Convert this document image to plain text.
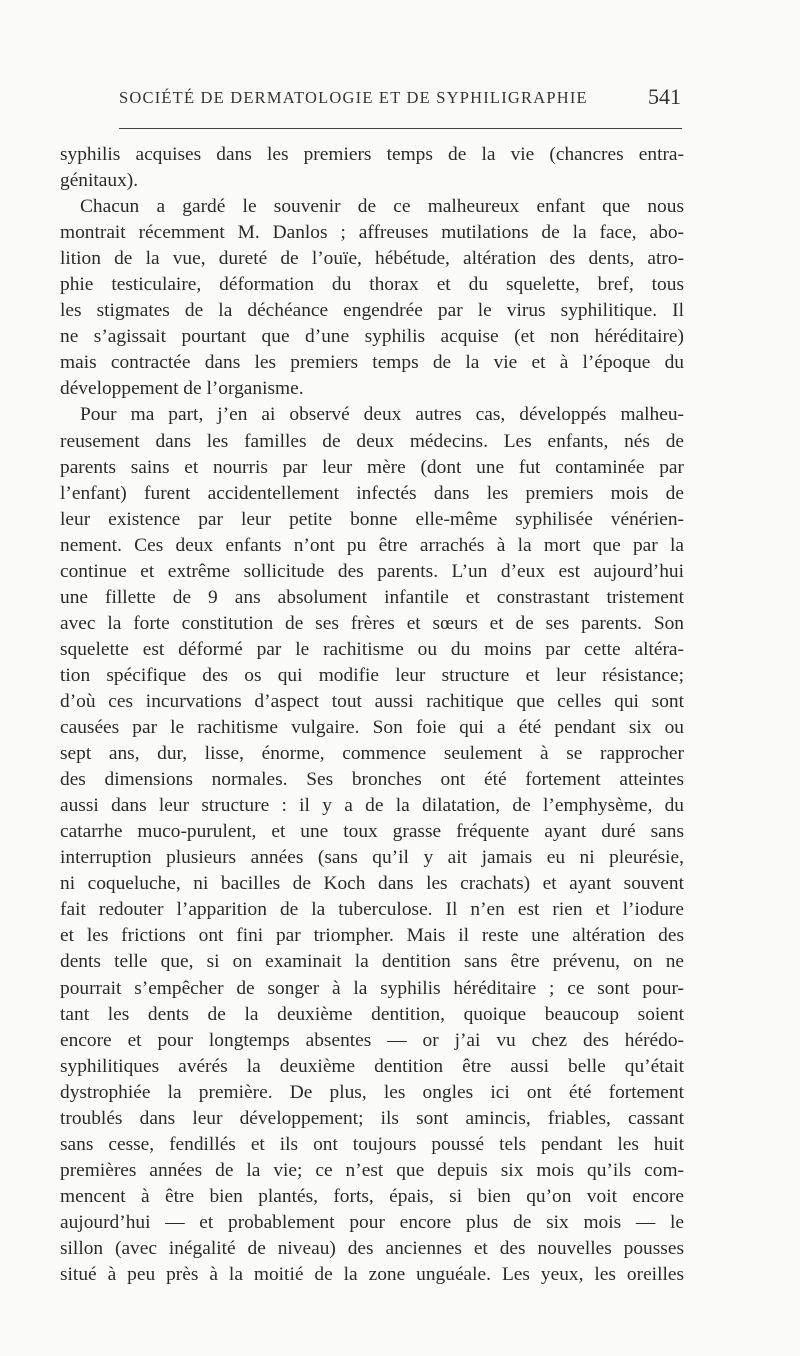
SOCIÉTÉ DE DERMATOLOGIE ET DE SYPHILIGRAPHIE	541
syphilis acquises dans les premiers temps de la vie (chancres entra-
génitaux).
Chacun a gardé le souvenir de ce malheureux enfant que nous
montrait récemment M. Danlos ; affreuses mutilations de la face, abo-
lition de la vue, dureté de l’ouïe, hébétude, altération des dents, atro-
phie testiculaire, déformation du thorax et du squelette, bref, tous
les stigmates de la déchéance engendrée par le virus syphilitique. Il
ne s’agissait pourtant que d’une syphilis acquise (et non héréditaire)
mais contractée dans les premiers temps de la vie et à l’époque du
développement de l’organisme.
Pour ma part, j’en ai observé deux autres cas, développés malheu-
reusement dans les familles de deux médecins. Les enfants, nés de
parents sains et nourris par leur mère (dont une fut contaminée par
l’enfant) furent accidentellement infectés dans les premiers mois de
leur existence par leur petite bonne elle-même syphilisée vénérien-
nement. Ces deux enfants n’ont pu être arrachés à la mort que par la
continue et extrême sollicitude des parents. L’un d’eux est aujourd’hui
une fillette de 9 ans absolument infantile et constrastant tristement
avec la forte constitution de ses frères et sœurs et de ses parents. Son
squelette est déformé par le rachitisme ou du moins par cette altéra-
tion spécifique des os qui modifie leur structure et leur résistance;
d’où ces incurvations d’aspect tout aussi rachitique que celles qui sont
causées par le rachitisme vulgaire. Son foie qui a été pendant six ou
sept ans, dur, lisse, énorme, commence seulement à se rapprocher
des dimensions normales. Ses bronches ont été fortement atteintes
aussi dans leur structure : il y a de la dilatation, de l’emphysème, du
catarrhe muco-purulent, et une toux grasse fréquente ayant duré sans
interruption plusieurs années (sans qu’il y ait jamais eu ni pleurésie,
ni coqueluche, ni bacilles de Koch dans les crachats) et ayant souvent
fait redouter l’apparition de la tuberculose. Il n’en est rien et l’iodure
et les frictions ont fini par triompher. Mais il reste une altération des
dents telle que, si on examinait la dentition sans être prévenu, on ne
pourrait s’empêcher de songer à la syphilis héréditaire ; ce sont pour-
tant les dents de la deuxième dentition, quoique beaucoup soient
encore et pour longtemps absentes — or j’ai vu chez des hérédo-
syphilitiques avérés la deuxième dentition être aussi belle qu’était
dystrophiée la première. De plus, les ongles ici ont été fortement
troublés dans leur développement; ils sont amincis, friables, cassant
sans cesse, fendillés et ils ont toujours poussé tels pendant les huit
premières années de la vie; ce n’est que depuis six mois qu’ils com-
mencent à être bien plantés, forts, épais, si bien qu’on voit encore
aujourd’hui — et probablement pour encore plus de six mois — le
sillon (avec inégalité de niveau) des anciennes et des nouvelles pousses
situé à peu près à la moitié de la zone unguéale. Les yeux, les oreilles
